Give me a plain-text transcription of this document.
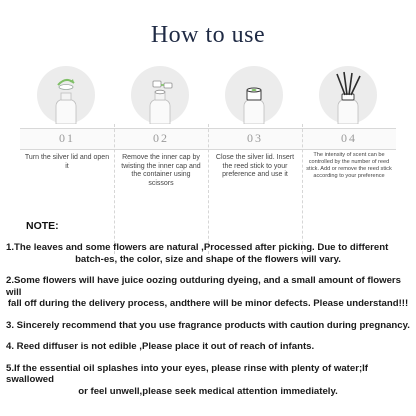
How to use
01
Turn the silver lid and open it
02
Remove the inner cap by twisting the inner cap and the container using scissors
03
Close the silver lid. Insert the reed stick to your preference and use it
04
The intensity of scent can be controlled by the number of reed stick. Add or remove the reed stick according to your preference
NOTE:
1.The leaves and some flowers are natural ,Processed after picking. Due to different
batch-es, the color, size and shape of the flowers will vary.
2.Some flowers will have juice oozing outduring dyeing, and a small amount of flowers will
fall off during the delivery process, andthere will be minor defects. Please understand!!!
3. Sincerely recommend that you use fragrance products with caution during pregnancy.
4. Reed diffuser is not edible ,Please place it out of reach of infants.
5.If the essential oil splashes into your eyes, please rinse with plenty of water;If swallowed
or feel unwell,please seek medical attention immediately.
